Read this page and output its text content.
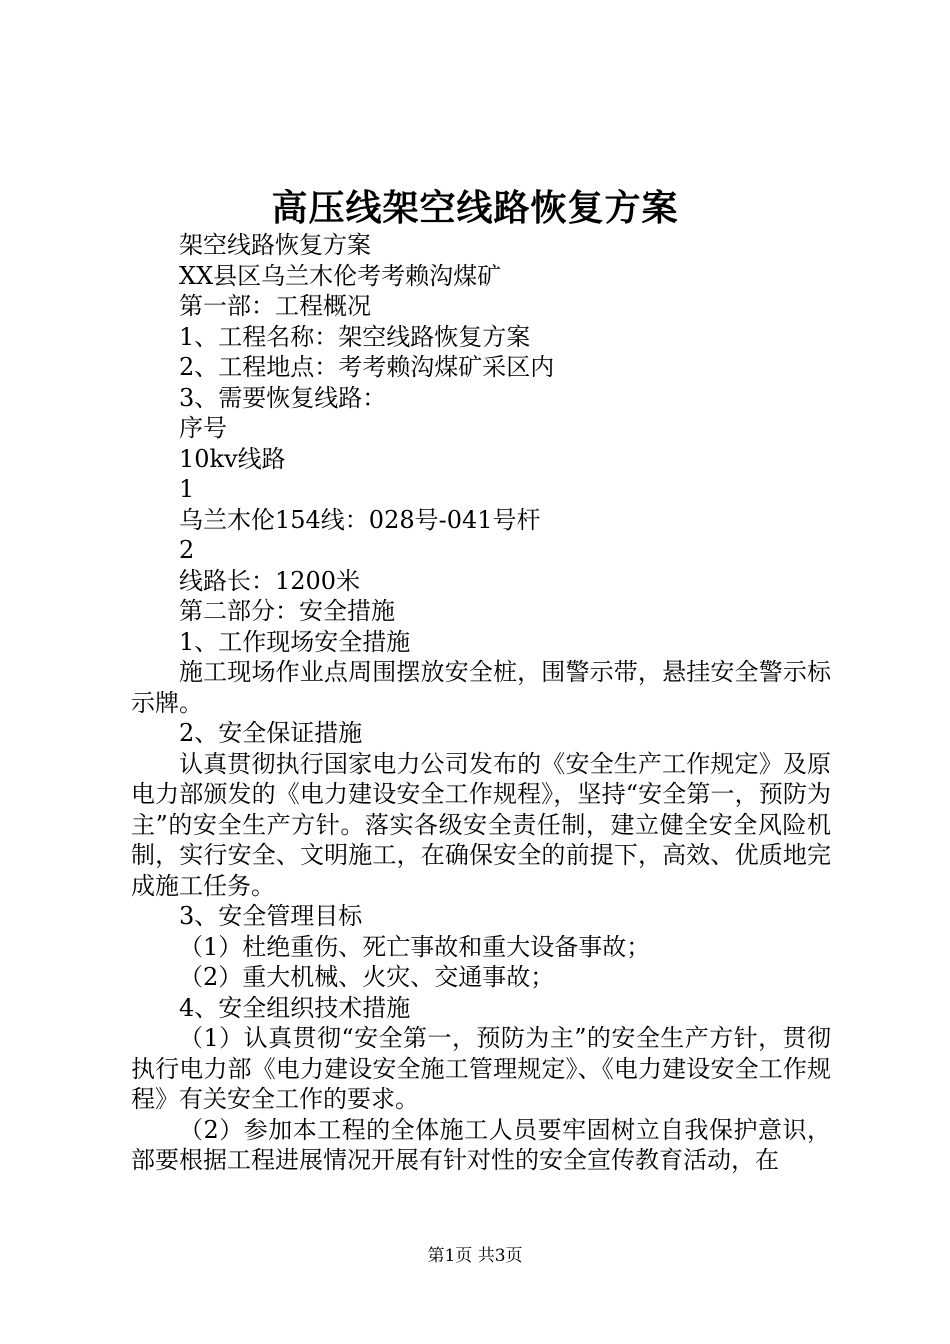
高压线架空线路恢复方案
架空线路恢复方案
XX县区乌兰木伦考考赖沟煤矿
第一部：工程概况
1、工程名称：架空线路恢复方案
2、工程地点：考考赖沟煤矿采区内
3、需要恢复线路：
序号
10kv线路
1
乌兰木伦154线：028号-041号杆
2
线路长：1200米
第二部分：安全措施
1、工作现场安全措施
施工现场作业点周围摆放安全桩，围警示带，悬挂安全警示标示牌。
2、安全保证措施
认真贯彻执行国家电力公司发布的《安全生产工作规定》及原电力部颁发的《电力建设安全工作规程》，坚持“安全第一，预防为主”的安全生产方针。落实各级安全责任制，建立健全安全风险机制，实行安全、文明施工，在确保安全的前提下，高效、优质地完成施工任务。
3、安全管理目标
（1）杜绝重伤、死亡事故和重大设备事故；
（2）重大机械、火灾、交通事故；
4、安全组织技术措施
（1）认真贯彻“安全第一，预防为主”的安全生产方针，贯彻执行电力部《电力建设安全施工管理规定》、《电力建设安全工作规程》有关安全工作的要求。
（2）参加本工程的全体施工人员要牢固树立自我保护意识，部要根据工程进展情况开展有针对性的安全宣传教育活动，在
第1页 共3页
